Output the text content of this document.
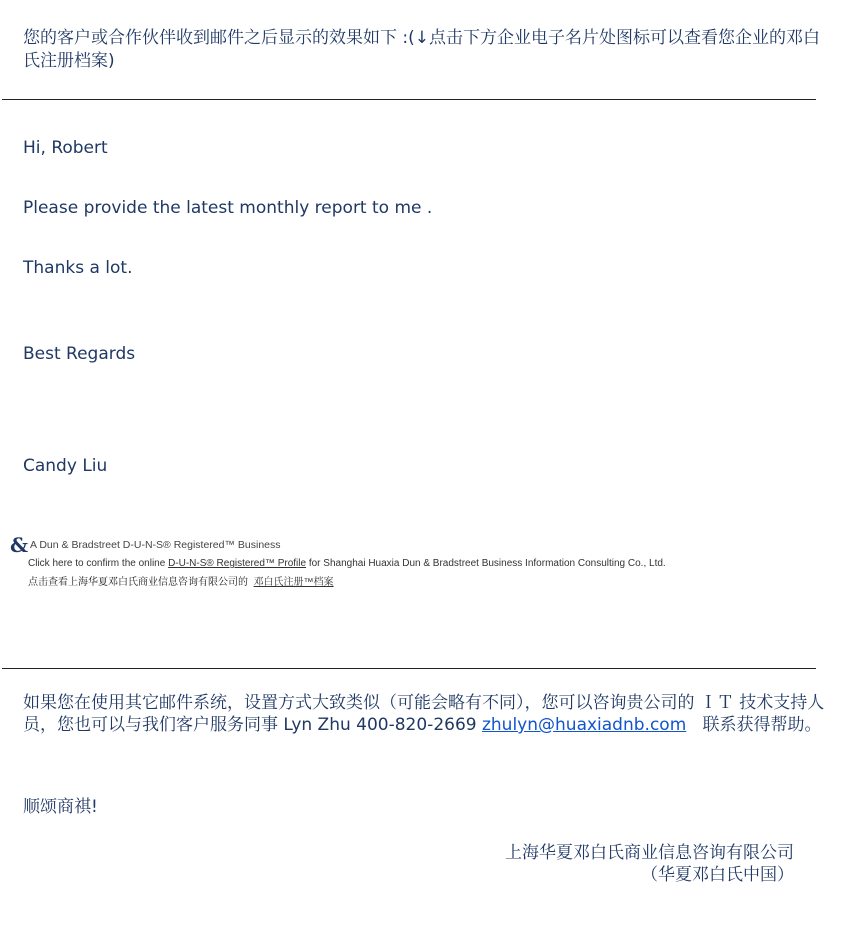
您的客户或合作伙伴收到邮件之后显示的效果如下 :(↓点击下方企业电子名片处图标可以查看您企业的邓白氏注册档案)
Hi, Robert
Please provide the latest monthly report to me .
Thanks a lot.
Best Regards
Candy Liu
& A Dun & Bradstreet D-U-N-S® Registered™ Business
Click here to confirm the online D-U-N-S® Registered™ Profile for Shanghai Huaxia Dun & Bradstreet Business Information Consulting Co., Ltd.
点击查看上海华夏邓白氏商业信息咨询有限公司的 邓白氏注册™档案
如果您在使用其它邮件系统，设置方式大致类似（可能会略有不同），您可以咨询贵公司的 ＩＴ 技术支持人员，您也可以与我们客户服务同事 Lyn Zhu 400-820-2669 zhulyn@huaxiadnb.com   联系获得帮助。
顺颂商祺!
上海华夏邓白氏商业信息咨询有限公司
（华夏邓白氏中国）
